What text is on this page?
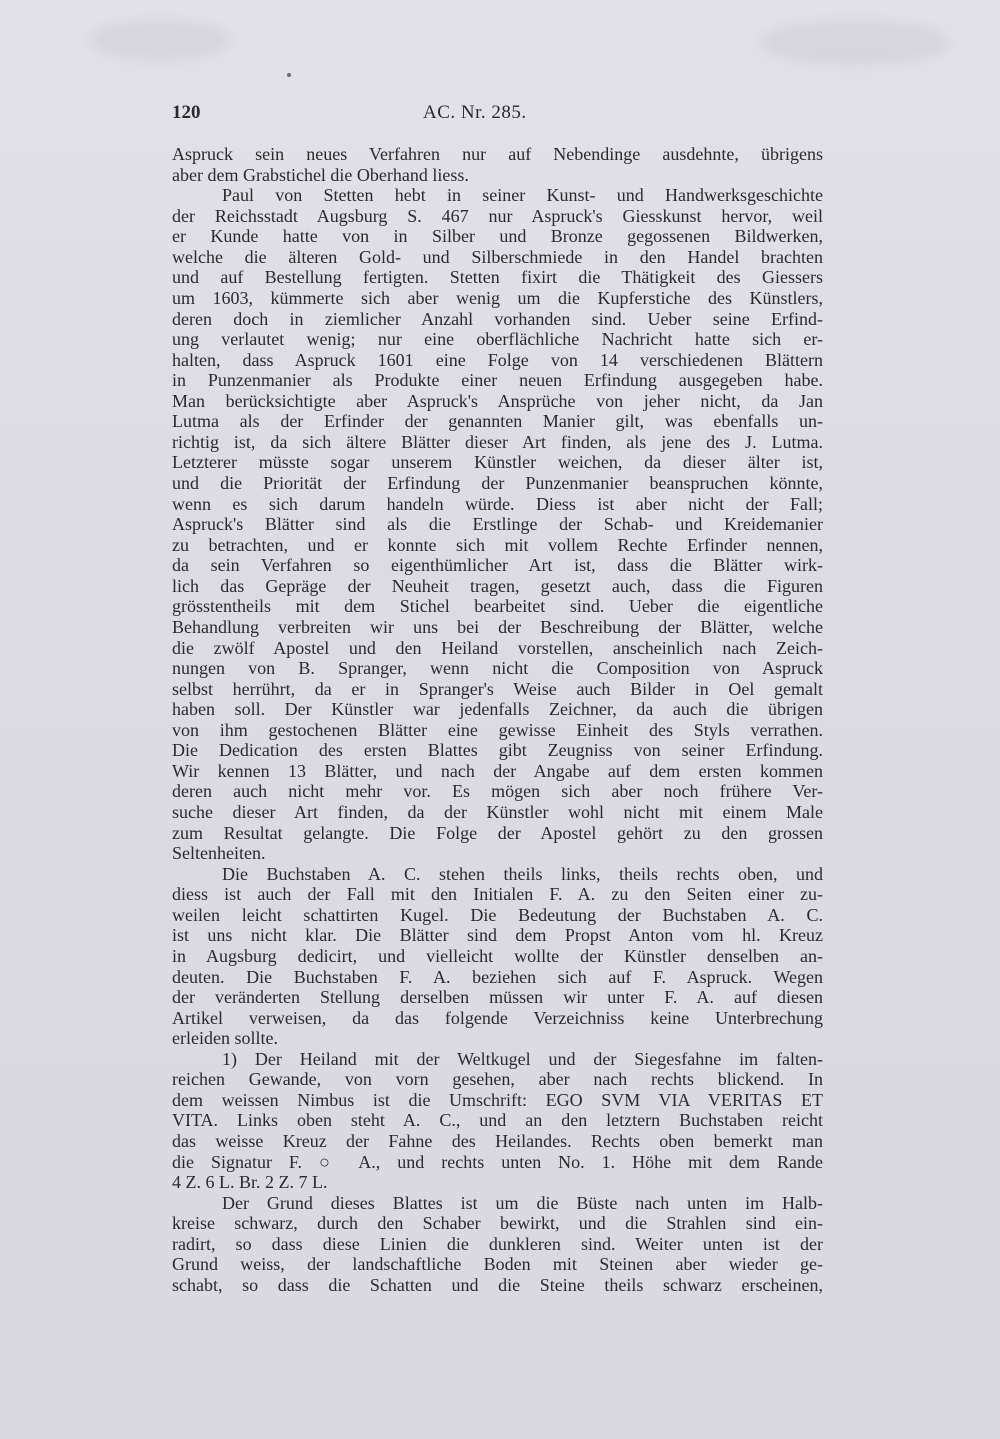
120	AC. Nr. 285.

Aspruck sein neues Verfahren nur auf Nebendinge ausdehnte, übrigens

aber dem Grabstichel die Oberhand liess.

Paul von Stetten hebt in seiner Kunst- und Handwerksgeschichte

der Reichsstadt Augsburg S. 467 nur Aspruck's Giesskunst hervor, weil

er Kunde hatte von in Silber und Bronze gegossenen Bildwerken,

welche die älteren Gold- und Silberschmiede in den Handel brachten

und auf Bestellung fertigten. Stetten fixirt die Thätigkeit des Giessers

um 1603, kümmerte sich aber wenig um die Kupferstiche des Künstlers,

deren doch in ziemlicher Anzahl vorhanden sind. Ueber seine Erfind-

ung verlautet wenig; nur eine oberflächliche Nachricht hatte sich er-

halten, dass Aspruck 1601 eine Folge von 14 verschiedenen Blättern

in Punzenmanier als Produkte einer neuen Erfindung ausgegeben habe.

Man berücksichtigte aber Aspruck's Ansprüche von jeher nicht, da Jan

Lutma als der Erfinder der genannten Manier gilt, was ebenfalls un-

richtig ist, da sich ältere Blätter dieser Art finden, als jene des J. Lutma.

Letzterer müsste sogar unserem Künstler weichen, da dieser älter ist,

und die Priorität der Erfindung der Punzenmanier beanspruchen könnte,

wenn es sich darum handeln würde. Diess ist aber nicht der Fall;

Aspruck's Blätter sind als die Erstlinge der Schab- und Kreidemanier

zu betrachten, und er konnte sich mit vollem Rechte Erfinder nennen,

da sein Verfahren so eigenthümlicher Art ist, dass die Blätter wirk-

lich das Gepräge der Neuheit tragen, gesetzt auch, dass die Figuren

grösstentheils mit dem Stichel bearbeitet sind. Ueber die eigentliche

Behandlung verbreiten wir uns bei der Beschreibung der Blätter, welche

die zwölf Apostel und den Heiland vorstellen, anscheinlich nach Zeich-

nungen von B. Spranger, wenn nicht die Composition von Aspruck

selbst herrührt, da er in Spranger's Weise auch Bilder in Oel gemalt

haben soll. Der Künstler war jedenfalls Zeichner, da auch die übrigen

von ihm gestochenen Blätter eine gewisse Einheit des Styls verrathen.

Die Dedication des ersten Blattes gibt Zeugniss von seiner Erfindung.

Wir kennen 13 Blätter, und nach der Angabe auf dem ersten kommen

deren auch nicht mehr vor. Es mögen sich aber noch frühere Ver-

suche dieser Art finden, da der Künstler wohl nicht mit einem Male

zum Resultat gelangte. Die Folge der Apostel gehört zu den grossen

Seltenheiten.

Die Buchstaben A. C. stehen theils links, theils rechts oben, und

diess ist auch der Fall mit den Initialen F. A. zu den Seiten einer zu-

weilen leicht schattirten Kugel. Die Bedeutung der Buchstaben A. C.

ist uns nicht klar. Die Blätter sind dem Propst Anton vom hl. Kreuz

in Augsburg dedicirt, und vielleicht wollte der Künstler denselben an-

deuten. Die Buchstaben F. A. beziehen sich auf F. Aspruck. Wegen

der veränderten Stellung derselben müssen wir unter F. A. auf diesen

Artikel verweisen, da das folgende Verzeichniss keine Unterbrechung

erleiden sollte.

1) Der Heiland mit der Weltkugel und der Siegesfahne im falten-

reichen Gewande, von vorn gesehen, aber nach rechts blickend. In

dem weissen Nimbus ist die Umschrift: EGO SVM VIA VERITAS ET

VITA. Links oben steht A. C., und an den letztern Buchstaben reicht

das weisse Kreuz der Fahne des Heilandes. Rechts oben bemerkt man

die Signatur F. ○ A., und rechts unten No. 1. Höhe mit dem Rande

4 Z. 6 L. Br. 2 Z. 7 L.

Der Grund dieses Blattes ist um die Büste nach unten im Halb-

kreise schwarz, durch den Schaber bewirkt, und die Strahlen sind ein-

radirt, so dass diese Linien die dunkleren sind. Weiter unten ist der

Grund weiss, der landschaftliche Boden mit Steinen aber wieder ge-

schabt, so dass die Schatten und die Steine theils schwarz erscheinen,
